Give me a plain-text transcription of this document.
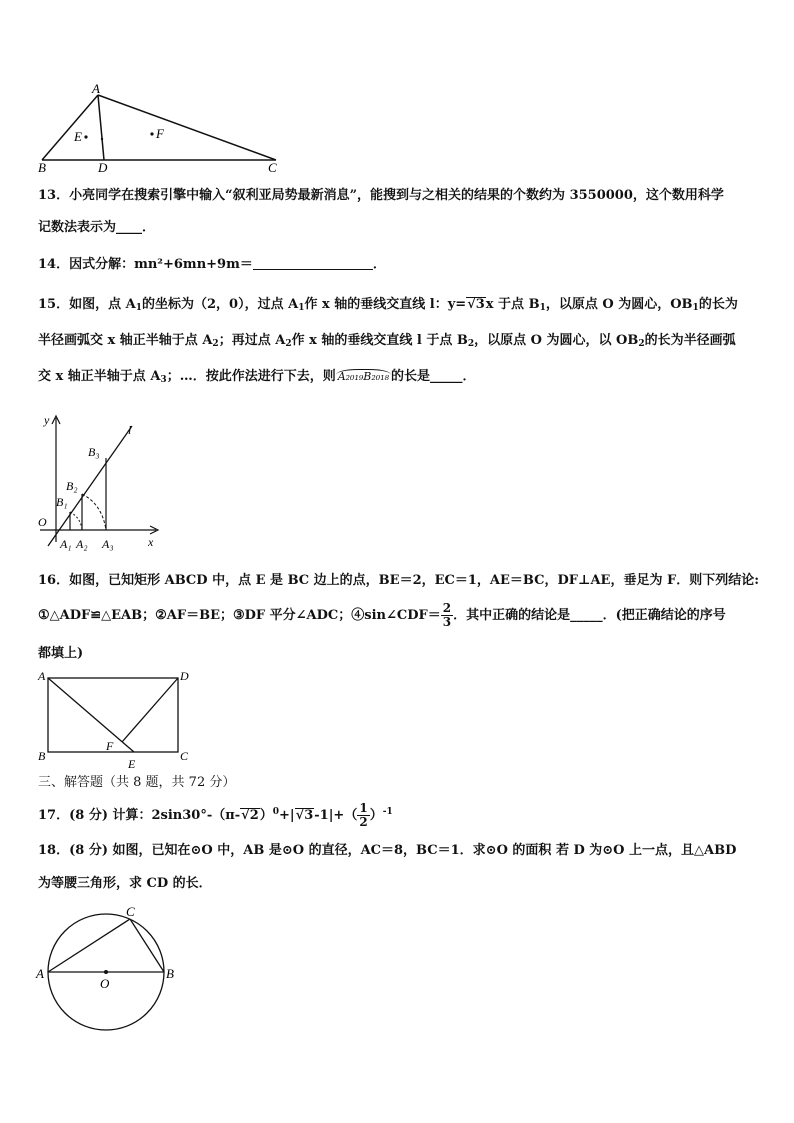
A
B	C
D
E	F
13．小亮同学在搜索引擎中输入“叙利亚局势最新消息”，能搜到与之相关的结果的个数约为 3550000，这个数用科学
记数法表示为____．
14．因式分解：mn²+6mn+9m＝	．
15．如图，点 $A_1$的坐标为（2，0），过点 $A_1$作 x 轴的垂线交直线 l：y=√3x 于点 $B_1$，以原点 O 为圆心，$OB_1$的长为
半径画弧交 x 轴正半轴于点 $A_2$；再过点 $A_2$作 x 轴的垂线交直线 l 于点 $B_2$，以原点 O 为圆心，以 $OB_2$的长为半径画弧
交 x 轴正半轴于点 $A_3$；…．按此作法进行下去，则 A₂₀₁₉B₂₀₁₈ 的长是_____．
y
x
l
O
B₁
B₂
B₃
A₁ A₂ A₃
16．如图，已知矩形 ABCD 中，点 E 是 BC 边上的点，BE＝2，EC＝1，AE＝BC，DF⊥AE，垂足为 F．则下列结论:
①△ADF≌△EAB；②AF＝BE；③DF 平分∠ADC；④sin∠CDF＝ $\frac{2}{3}$ ．其中正确的结论是_____．(把正确结论的序号
都填上)
A	D
B
F
C
E
三、解答题（共 8 题，共 72 分）
17．(8 分) 计算：$2\sin 30^\circ-(\pi-√2)^0+|√3-1|+( \frac{1}{2} )^{-1}$
18．(8 分) 如图，已知在⊙O 中，AB 是⊙O 的直径，AC＝8，BC＝1．求⊙O 的面积 若 D 为⊙O 上一点，且△ABD
为等腰三角形，求 CD 的长．
C
A
O
B
